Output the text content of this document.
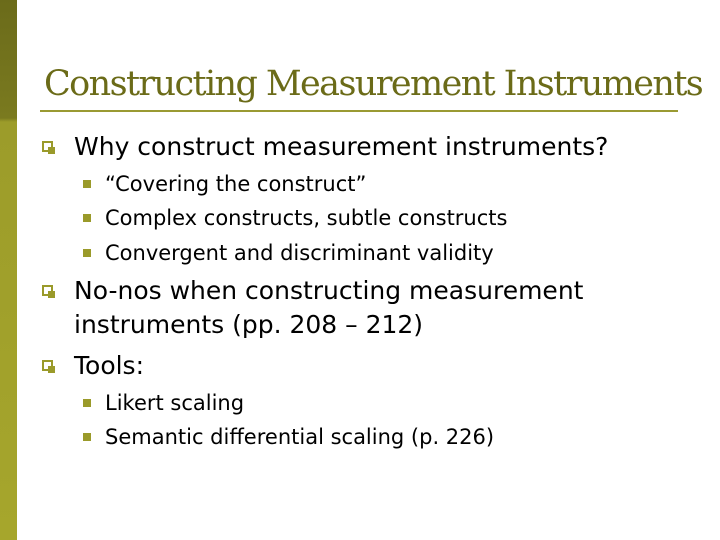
Constructing Measurement Instruments
Why construct measurement instruments?
“Covering the construct”
Complex constructs, subtle constructs
Convergent and discriminant validity
No-nos when constructing measurement
instruments (pp. 208 – 212)
Tools:
Likert scaling
Semantic differential scaling (p. 226)
